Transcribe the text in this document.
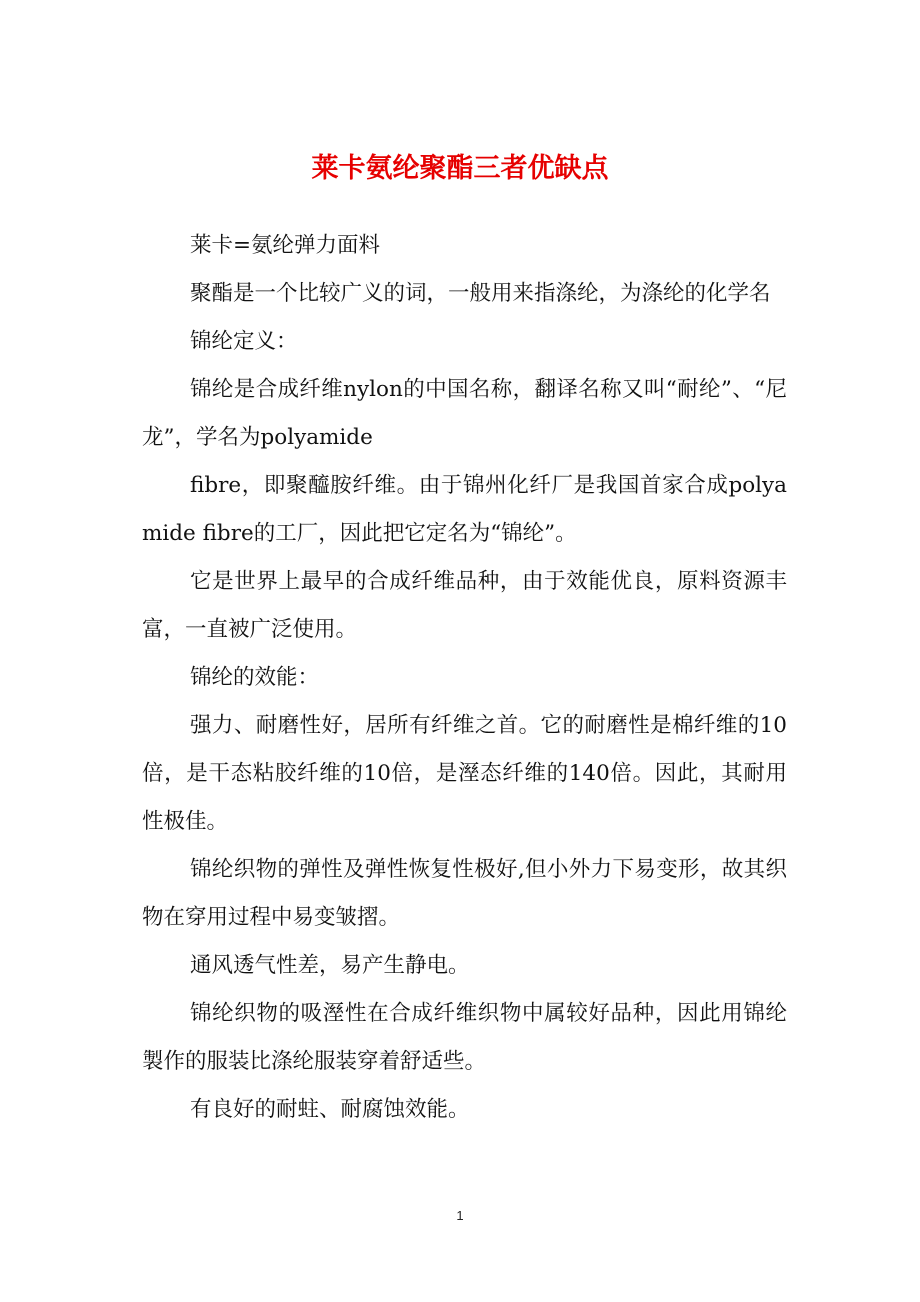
莱卡氨纶聚酯三者优缺点

莱卡=氨纶弹力面料

聚酯是一个比较广义的词，一般用来指涤纶，为涤纶的化学名

锦纶定义：

锦纶是合成纤维nylon的中国名称，翻译名称又叫“耐纶”、“尼龙”，学名为polyamide

fibre，即聚醯胺纤维。由于锦州化纤厂是我国首家合成polyamide fibre的工厂，因此把它定名为“锦纶”。

它是世界上最早的合成纤维品种，由于效能优良，原料资源丰富，一直被广泛使用。

锦纶的效能：

强力、耐磨性好，居所有纤维之首。它的耐磨性是棉纤维的10倍，是干态粘胶纤维的10倍，是溼态纤维的140倍。因此，其耐用性极佳。

锦纶织物的弹性及弹性恢复性极好,但小外力下易变形，故其织物在穿用过程中易变皱摺。

通风透气性差，易产生静电。

锦纶织物的吸溼性在合成纤维织物中属较好品种，因此用锦纶製作的服装比涤纶服装穿着舒适些。

有良好的耐蛀、耐腐蚀效能。

1
